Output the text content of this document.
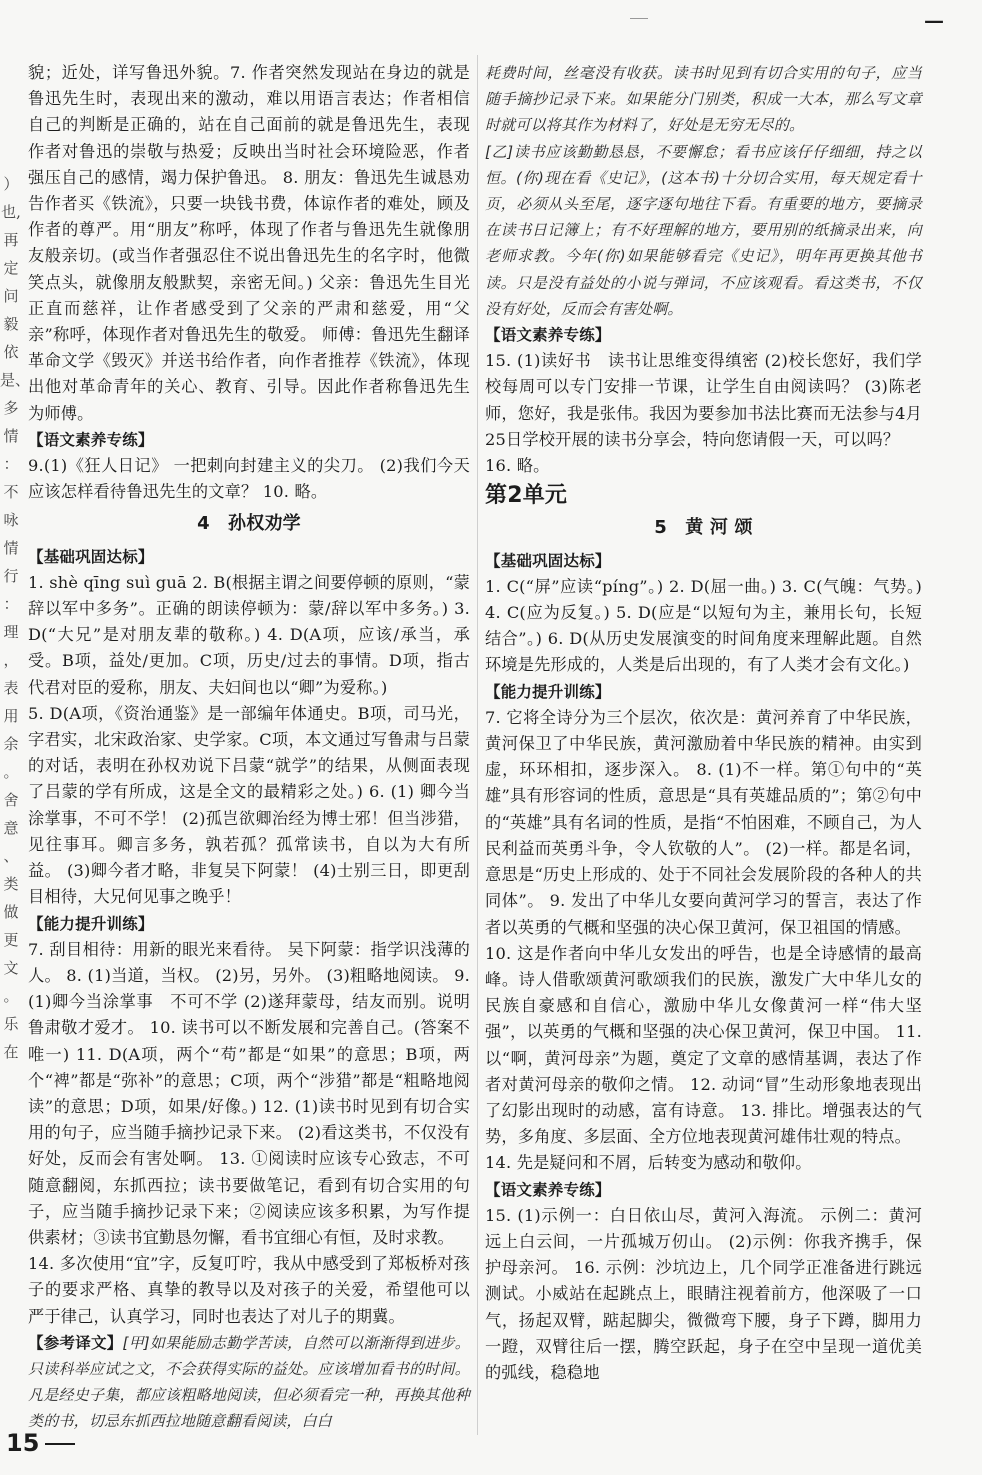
—
）
也,
再
定
问
毅
依
是、
多
情
：不
咏
情
行
：
理
，
表
用
余
。
舍
意
、
类
做
更
文
。
乐
在

貌；近处，详写鲁迅外貌。7. 作者突然发现站在身边的就是鲁迅先生时，表现出来的激动，难以用语言表达；作者相信自己的判断是正确的，站在自己面前的就是鲁迅先生，表现作者对鲁迅的崇敬与热爱；反映出当时社会环境险恶，作者强压自己的感情，竭力保护鲁迅。 8. 朋友：鲁迅先生诚恳劝告作者买《铁流》，只要一块钱书费，体谅作者的难处，顾及作者的尊严。用“朋友”称呼，体现了作者与鲁迅先生就像朋友般亲切。(或当作者强忍住不说出鲁迅先生的名字时，他微笑点头，就像朋友般默契，亲密无间。) 父亲：鲁迅先生目光正直而慈祥，让作者感受到了父亲的严肃和慈爱，用“父亲”称呼，体现作者对鲁迅先生的敬爱。 师傅：鲁迅先生翻译革命文学《毁灭》并送书给作者，向作者推荐《铁流》，体现出他对革命青年的关心、教育、引导。因此作者称鲁迅先生为师傅。

【语文素养专练】

9.(1)《狂人日记》 一把刺向封建主义的尖刀。 (2)我们今天应该怎样看待鲁迅先生的文章？ 10. 略。

4　孙权劝学

【基础巩固达标】

1. shè qīng suì guā 2. B(根据主谓之间要停顿的原则，“蒙辞以军中多务”。正确的朗读停顿为：蒙/辞以军中多务。) 3. D(“大兄”是对朋友辈的敬称。) 4. D(A项，应该/承当，承受。B项，益处/更加。C项，历史/过去的事情。D项，指古代君对臣的爱称，朋友、夫妇间也以“卿”为爱称。)

5. D(A项，《资治通鉴》是一部编年体通史。B项，司马光，字君实，北宋政治家、史学家。C项，本文通过写鲁肃与吕蒙的对话，表明在孙权劝说下吕蒙“就学”的结果，从侧面表现了吕蒙的学有所成，这是全文的最精彩之处。) 6. (1) 卿今当涂掌事，不可不学！ (2)孤岂欲卿治经为博士邪！但当涉猎，见往事耳。卿言多务，孰若孤？孤常读书，自以为大有所益。 (3)卿今者才略，非复吴下阿蒙！ (4)士别三日，即更刮目相待，大兄何见事之晚乎！

【能力提升训练】

7. 刮目相待：用新的眼光来看待。 吴下阿蒙：指学识浅薄的人。 8. (1)当道，当权。 (2)另，另外。 (3)粗略地阅读。 9. (1)卿今当涂掌事　不可不学 (2)遂拜蒙母，结友而别。说明鲁肃敬才爱才。 10. 读书可以不断发展和完善自己。(答案不唯一) 11. D(A项，两个“苟”都是“如果”的意思；B项，两个“裨”都是“弥补”的意思；C项，两个“涉猎”都是“粗略地阅读”的意思；D项，如果/好像。) 12. (1)读书时见到有切合实用的句子，应当随手摘抄记录下来。 (2)看这类书，不仅没有好处，反而会有害处啊。 13. ①阅读时应该专心致志，不可随意翻阅，东抓西拉；读书要做笔记，看到有切合实用的句子，应当随手摘抄记录下来；②阅读应该多积累，为写作提供素材；③读书宜勤恳勿懈，看书宜细心有恒，及时求教。

14. 多次使用“宜”字，反复叮咛，我从中感受到了郑板桥对孩子的要求严格、真挚的教导以及对孩子的关爱，希望他可以严于律己，认真学习，同时也表达了对儿子的期冀。

【参考译文】[甲]如果能励志勤学苦读，自然可以渐渐得到进步。只读科举应试之文，不会获得实际的益处。应该增加看书的时间。凡是经史子集，都应该粗略地阅读，但必须看完一种，再换其他种类的书，切忌东抓西拉地随意翻看阅读，白白

耗费时间，丝毫没有收获。读书时见到有切合实用的句子，应当随手摘抄记录下来。如果能分门别类，积成一大本，那么写文章时就可以将其作为材料了，好处是无穷无尽的。

[乙]读书应该勤勤恳恳，不要懈怠；看书应该仔仔细细，持之以恒。(你)现在看《史记》，(这本书)十分切合实用，每天规定看十页，必须从头至尾，逐字逐句地往下看。有重要的地方，要摘录在读书日记簿上；有不好理解的地方，要用别的纸摘录出来，向老师求教。今年(你)如果能够看完《史记》，明年再更换其他书读。只是没有益处的小说与弹词，不应该观看。看这类书，不仅没有好处，反而会有害处啊。

【语文素养专练】

15. (1)读好书　读书让思维变得缜密 (2)校长您好，我们学校每周可以专门安排一节课，让学生自由阅读吗？ (3)陈老师，您好，我是张伟。我因为要参加书法比赛而无法参与4月25日学校开展的读书分享会，特向您请假一天，可以吗？

16. 略。

第2单元
5　黄 河 颂

【基础巩固达标】

1. C(“屏”应读“píng”。) 2. D(屈一曲。) 3. C(气魄：气势。) 4. C(应为反复。) 5. D(应是“以短句为主，兼用长句，长短结合”。) 6. D(从历史发展演变的时间角度来理解此题。自然环境是先形成的，人类是后出现的，有了人类才会有文化。)

【能力提升训练】

7. 它将全诗分为三个层次，依次是：黄河养育了中华民族，黄河保卫了中华民族，黄河激励着中华民族的精神。由实到虚，环环相扣，逐步深入。 8. (1)不一样。第①句中的“英雄”具有形容词的性质，意思是“具有英雄品质的”；第②句中的“英雄”具有名词的性质，是指“不怕困难，不顾自己，为人民利益而英勇斗争，令人钦敬的人”。 (2)一样。都是名词，意思是“历史上形成的、处于不同社会发展阶段的各种人的共同体”。 9. 发出了中华儿女要向黄河学习的誓言，表达了作者以英勇的气概和坚强的决心保卫黄河，保卫祖国的情感。

10. 这是作者向中华儿女发出的呼告，也是全诗感情的最高峰。诗人借歌颂黄河歌颂我们的民族，激发广大中华儿女的民族自豪感和自信心，激励中华儿女像黄河一样“伟大坚强”，以英勇的气概和坚强的决心保卫黄河，保卫中国。 11. 以“啊，黄河母亲”为题，奠定了文章的感情基调，表达了作者对黄河母亲的敬仰之情。 12. 动词“冒”生动形象地表现出了幻影出现时的动感，富有诗意。 13. 排比。增强表达的气势，多角度、多层面、全方位地表现黄河雄伟壮观的特点。

14. 先是疑问和不屑，后转变为感动和敬仰。

【语文素养专练】

15. (1)示例一：白日依山尽，黄河入海流。 示例二：黄河远上白云间，一片孤城万仞山。 (2)示例：你我齐携手，保护母亲河。 16. 示例：沙坑边上，几个同学正准备进行跳远测试。小威站在起跳点上，眼睛注视着前方，他深吸了一口气，扬起双臂，踮起脚尖，微微弯下腰，身子下蹲，脚用力一蹬，双臂往后一摆，腾空跃起，身子在空中呈现一道优美的弧线，稳稳地

15
